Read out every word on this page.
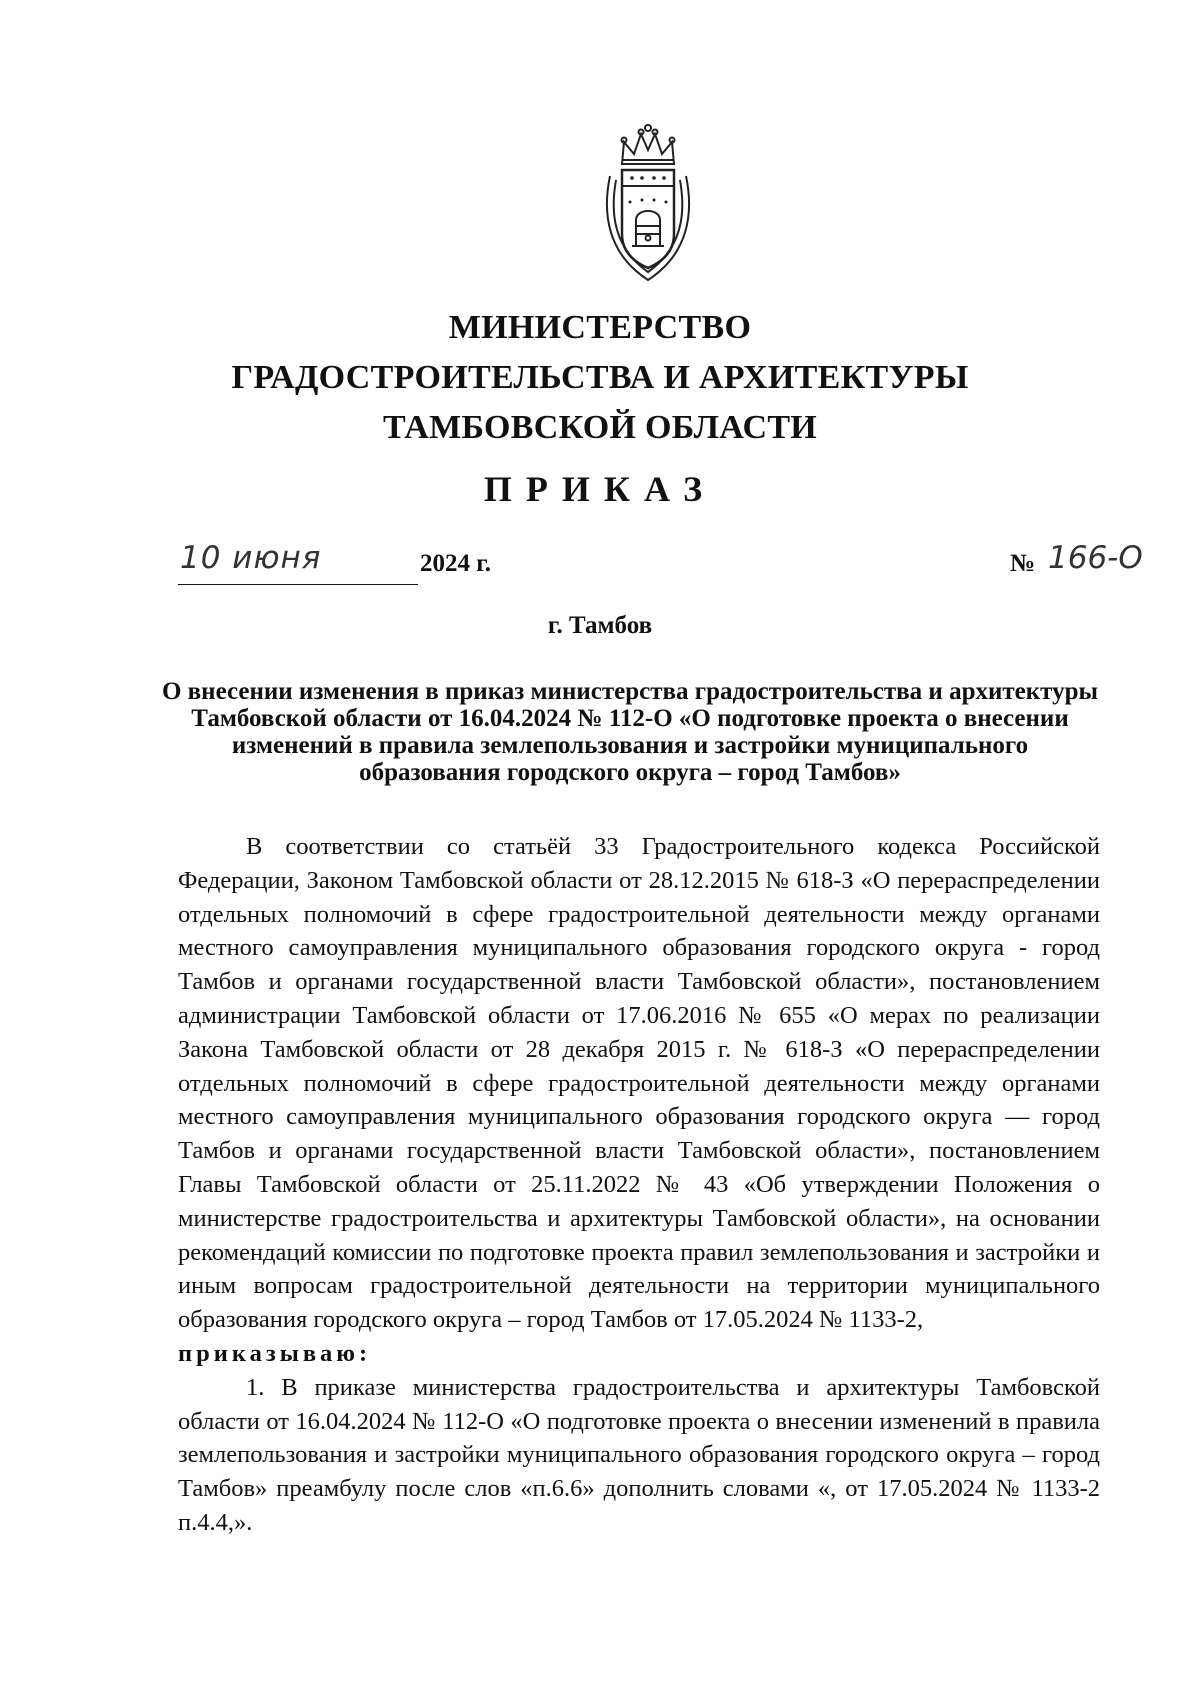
МИНИСТЕРСТВО
ГРАДОСТРОИТЕЛЬСТВА И АРХИТЕКТУРЫ
ТАМБОВСКОЙ ОБЛАСТИ
ПРИКАЗ
10 июня	2024 г.	№ 166-О
г. Тамбов
О внесении изменения в приказ министерства градостроительства и архитектуры Тамбовской области от 16.04.2024 № 112-О «О подготовке проекта о внесении изменений в правила землепользования и застройки муниципального образования городского округа – город Тамбов»

В соответствии со статьёй 33 Градостроительного кодекса Российской Федерации, Законом Тамбовской области от 28.12.2015 № 618-З «О перераспределении отдельных полномочий в сфере градостроительной деятельности между органами местного самоуправления муниципального образования городского округа - город Тамбов и органами государственной власти Тамбовской области», постановлением администрации Тамбовской области от 17.06.2016 № 655 «О мерах по реализации Закона Тамбовской области от 28 декабря 2015 г. № 618-З «О перераспределении отдельных полномочий в сфере градостроительной деятельности между органами местного самоуправления муниципального образования городского округа — город Тамбов и органами государственной власти Тамбовской области», постановлением Главы Тамбовской области от 25.11.2022 № 43 «Об утверждении Положения о министерстве градостроительства и архитектуры Тамбовской области», на основании рекомендаций комиссии по подготовке проекта правил землепользования и застройки и иным вопросам градостроительной деятельности на территории муниципального образования городского округа – город Тамбов от 17.05.2024 № 1133-2,

приказываю:

1. В приказе министерства градостроительства и архитектуры Тамбовской области от 16.04.2024 № 112-О «О подготовке проекта о внесении изменений в правила землепользования и застройки муниципального образования городского округа – город Тамбов» преамбулу после слов «п.6.6» дополнить словами «, от 17.05.2024 № 1133-2 п.4.4,».
